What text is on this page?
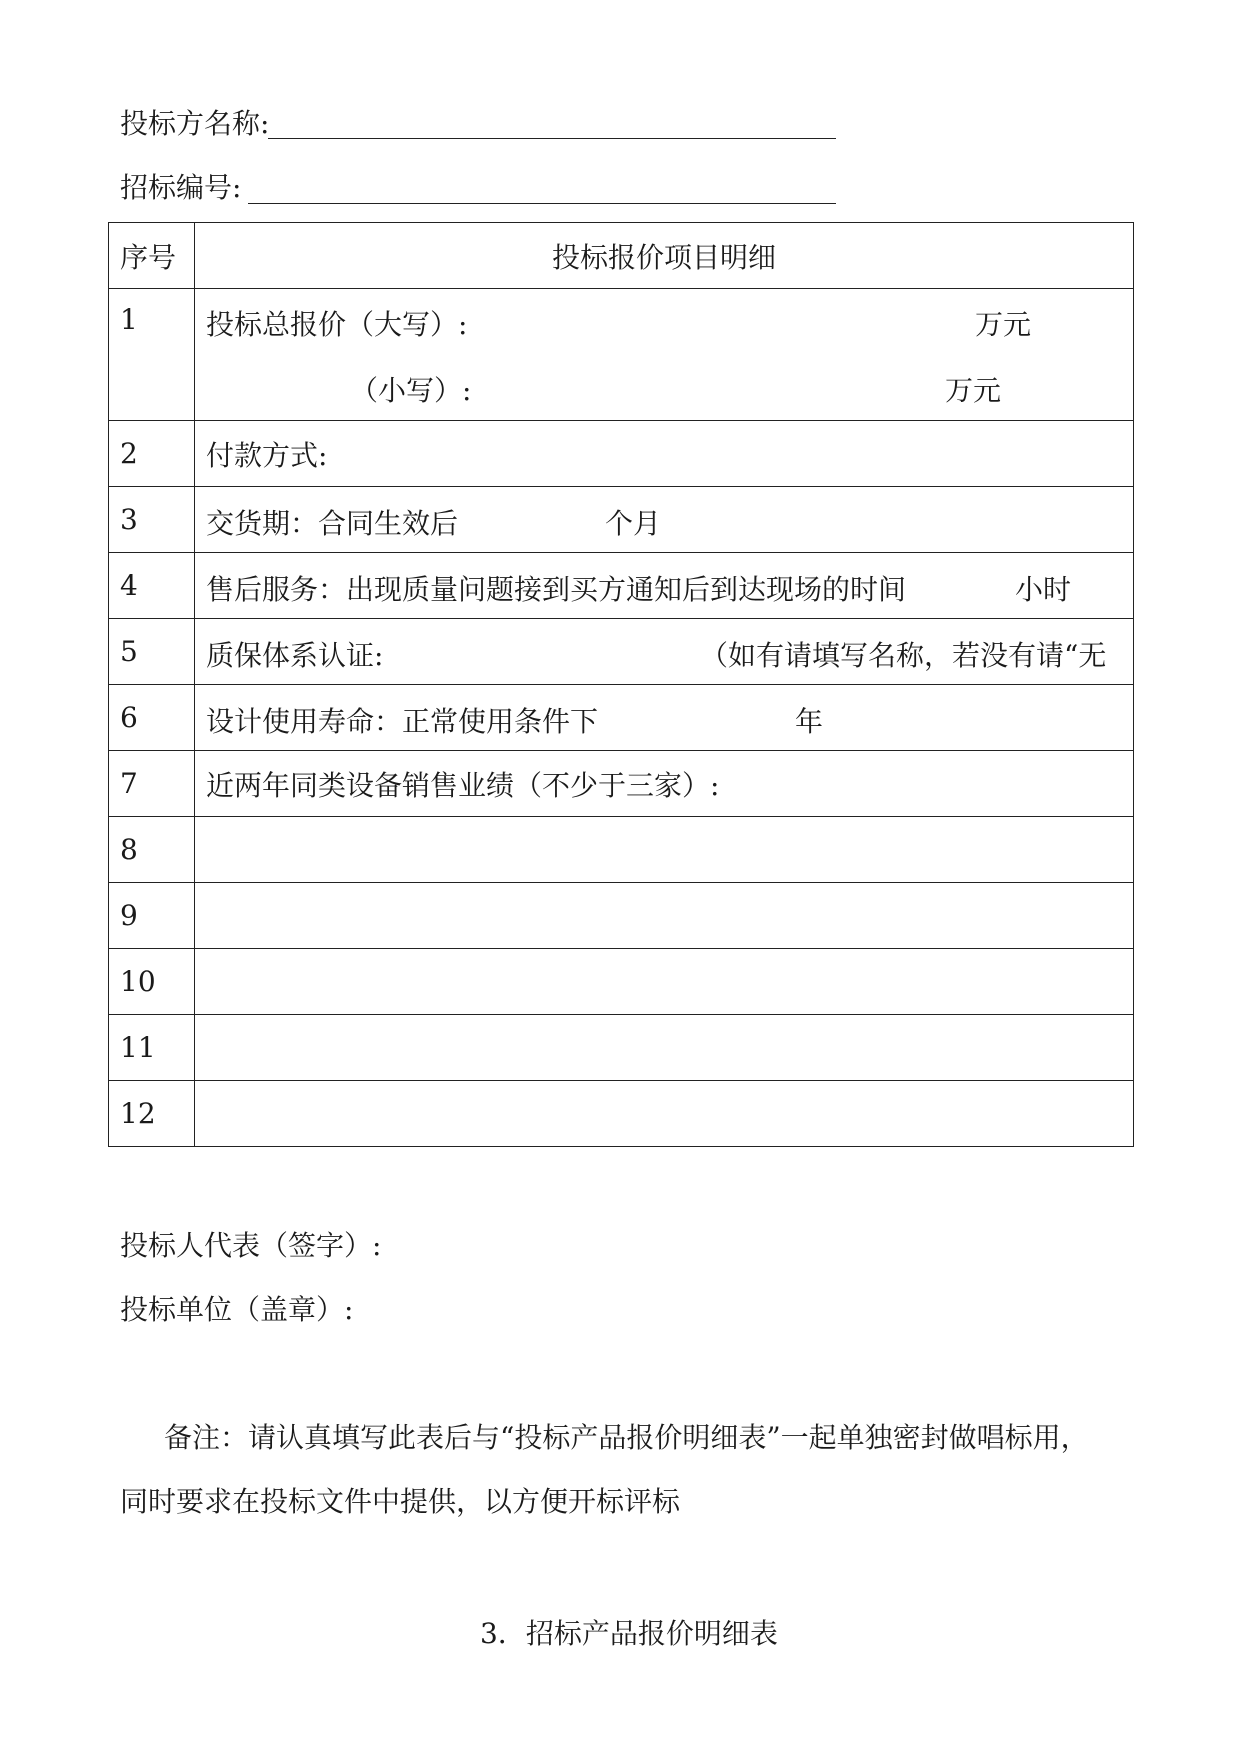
投标方名称:
招标编号:
序号	投标报价项目明细
1	投标总报价（大写）: 万元
（小写）: 万元

2	付款方式:
3	交货期：合同生效后 个月

4	售后服务：出现质量问题接到买方通知后到达现场的时间 小时

5	质保体系认证: （如有请填写名称，若没有请“无

6	设计使用寿命：正常使用条件下 年

7	近两年同类设备销售业绩（不少于三家）:
8	
9	
10	
11	
12	
投标人代表（签字）:
投标单位（盖章）:
备注：请认真填写此表后与“投标产品报价明细表”一起单独密封做唱标用，
同时要求在投标文件中提供，以方便开标评标
3．招标产品报价明细表
